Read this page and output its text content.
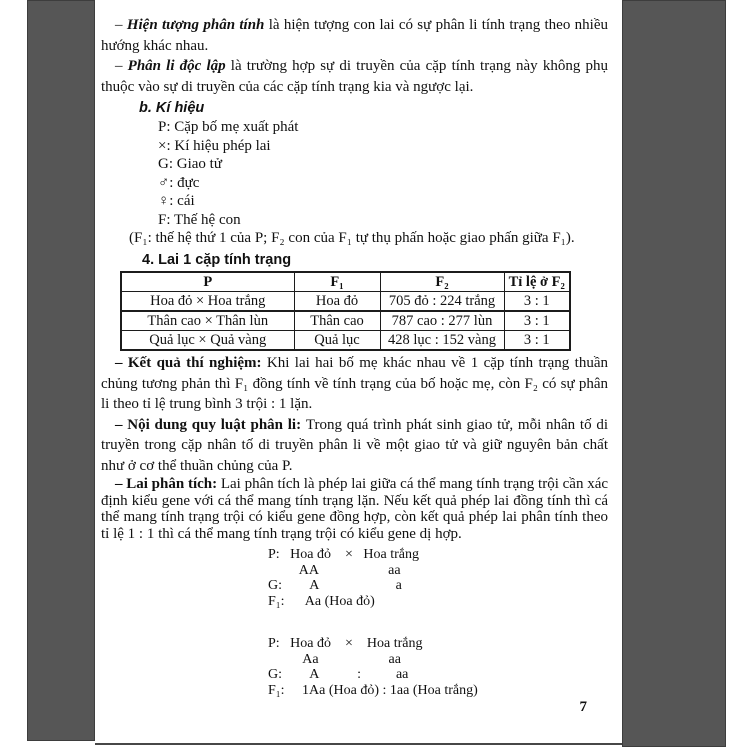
– Hiện tượng phân tính là hiện tượng con lai có sự phân li tính trạng theo nhiều hướng khác nhau.

– Phân li độc lập là trường hợp sự di truyền của cặp tính trạng này không phụ thuộc vào sự di truyền của các cặp tính trạng kia và ngược lại.

b. Kí hiệu
P: Cặp bố mẹ xuất phát
×: Kí hiệu phép lai
G: Giao tử
♂: đực
♀: cái
F: Thế hệ con
(F₁: thế hệ thứ 1 của P; F₂ con của F₁ tự thụ phấn hoặc giao phấn giữa F₁).
4. Lai 1 cặp tính trạng
P	F₁	F₂	Tỉ lệ ở F₂
Hoa đỏ × Hoa trắng	Hoa đỏ	705 đỏ : 224 trắng	3 : 1
Thân cao × Thân lùn	Thân cao	787 cao : 277 lùn	3 : 1
Quả lục × Quả vàng	Quả lục	428 lục : 152 vàng	3 : 1

– Kết quả thí nghiệm: Khi lai hai bố mẹ khác nhau về 1 cặp tính trạng thuần chủng tương phản thì F₁ đồng tính về tính trạng của bố hoặc mẹ, còn F₂ có sự phân li theo tỉ lệ trung bình 3 trội : 1 lặn.

– Nội dung quy luật phân li: Trong quá trình phát sinh giao tử, mỗi nhân tố di truyền trong cặp nhân tố di truyền phân li về một giao tử và giữ nguyên bản chất như ở cơ thể thuần chủng của P.

– Lai phân tích: Lai phân tích là phép lai giữa cá thể mang tính trạng trội cần xác định kiểu gene với cá thể mang tính trạng lặn. Nếu kết quả phép lai đồng tính thì cá thể mang tính trạng trội có kiểu gene đồng hợp, còn kết quả phép lai phân tính theo tỉ lệ 1 : 1 thì cá thể mang tính trạng trội có kiểu gene dị hợp.

P:   Hoa đỏ    ×   Hoa trắng
AA                    aa
G:        A                      a
F₁:      Aa (Hoa đỏ)
P:   Hoa đỏ    ×    Hoa trắng
Aa                    aa
G:        A           :          aa
F₁:     1Aa (Hoa đỏ) : 1aa (Hoa trắng)
7
